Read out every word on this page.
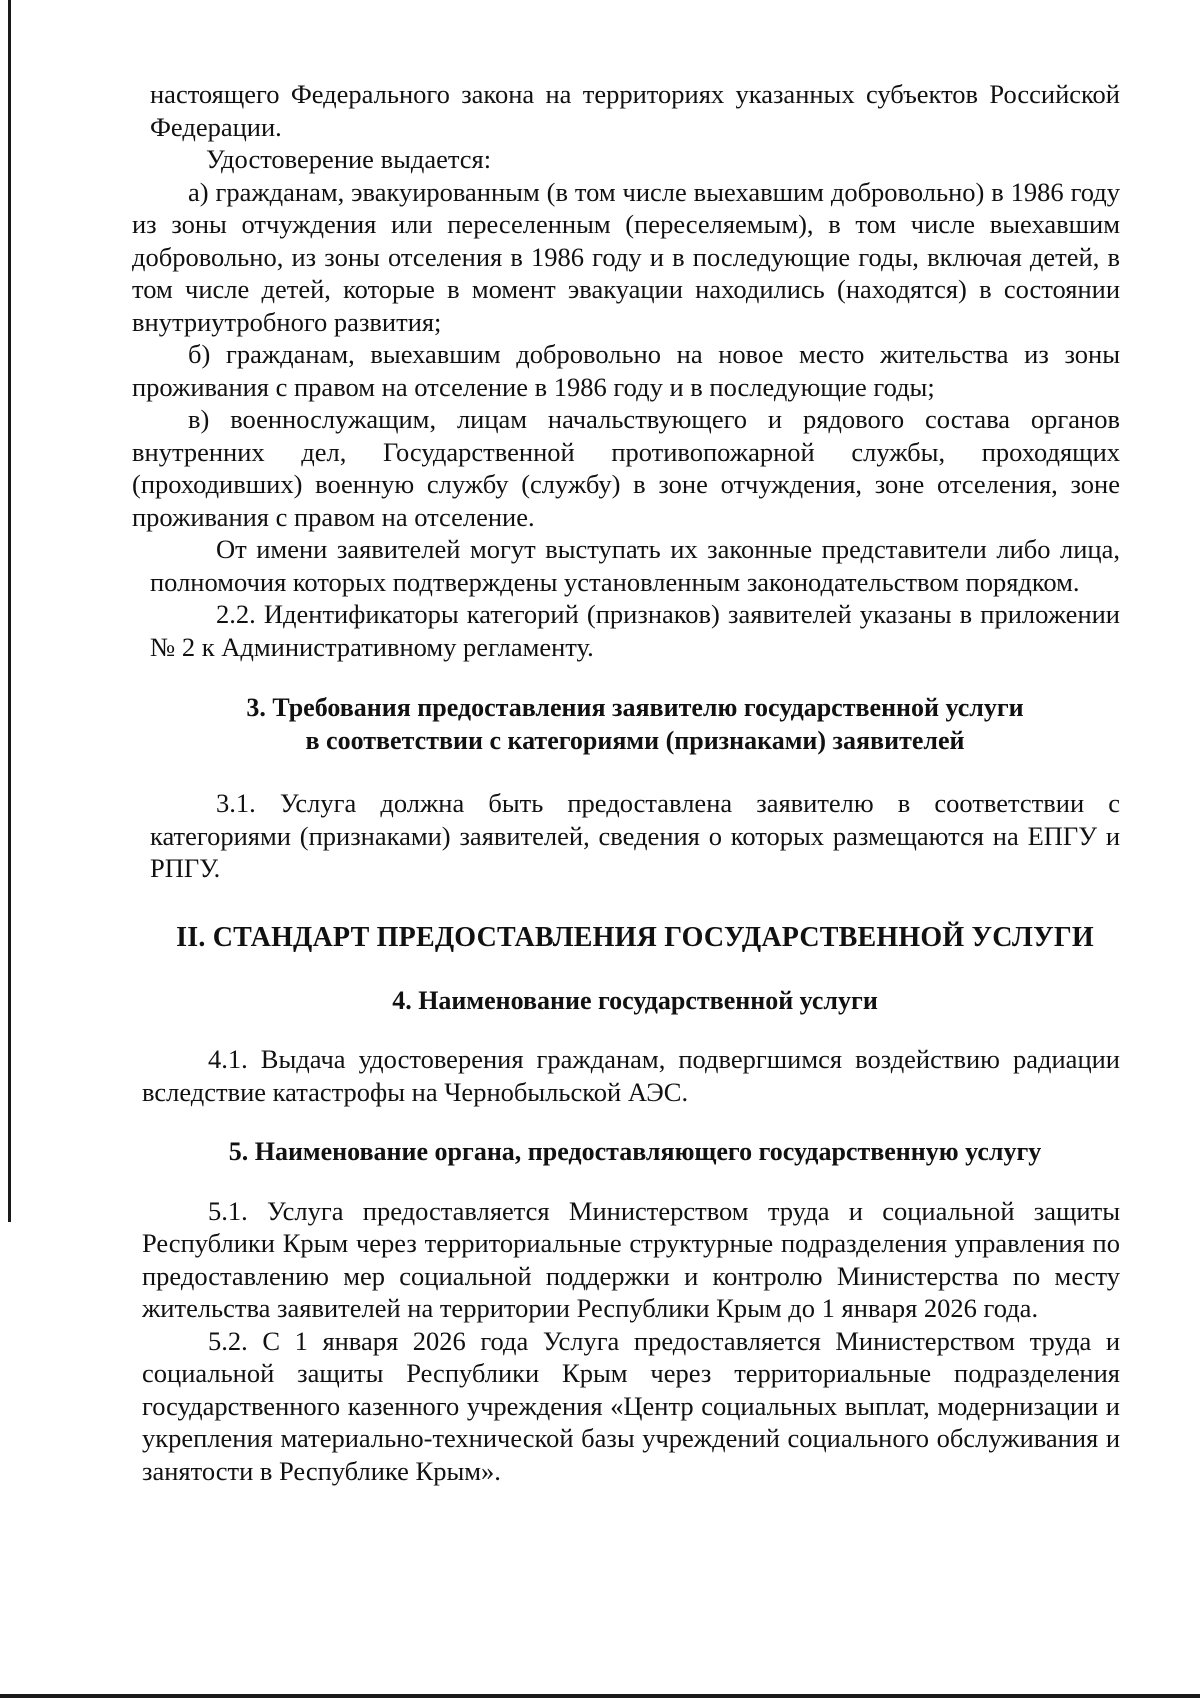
настоящего Федерального закона на территориях указанных субъектов Российской Федерации.

Удостоверение выдается:

а) гражданам, эвакуированным (в том числе выехавшим добровольно) в 1986 году из зоны отчуждения или переселенным (переселяемым), в том числе выехавшим добровольно, из зоны отселения в 1986 году и в последующие годы, включая детей, в том числе детей, которые в момент эвакуации находились (находятся) в состоянии внутриутробного развития;

б) гражданам, выехавшим добровольно на новое место жительства из зоны проживания с правом на отселение в 1986 году и в последующие годы;

в) военнослужащим, лицам начальствующего и рядового состава органов внутренних дел, Государственной противопожарной службы, проходящих (проходивших) военную службу (службу) в зоне отчуждения, зоне отселения, зоне проживания с правом на отселение.

От имени заявителей могут выступать их законные представители либо лица, полномочия которых подтверждены установленным законодательством порядком.

2.2. Идентификаторы категорий (признаков) заявителей указаны в приложении № 2 к Административному регламенту.

3. Требования предоставления заявителю государственной услуги
в соответствии с категориями (признаками) заявителей

3.1. Услуга должна быть предоставлена заявителю в соответствии с категориями (признаками) заявителей, сведения о которых размещаются на ЕПГУ и РПГУ.

II. СТАНДАРТ ПРЕДОСТАВЛЕНИЯ ГОСУДАРСТВЕННОЙ УСЛУГИ
4. Наименование государственной услуги

4.1. Выдача удостоверения гражданам, подвергшимся воздействию радиации вследствие катастрофы на Чернобыльской АЭС.

5. Наименование органа, предоставляющего государственную услугу

5.1. Услуга предоставляется Министерством труда и социальной защиты Республики Крым через территориальные структурные подразделения управления по предоставлению мер социальной поддержки и контролю Министерства по месту жительства заявителей на территории Республики Крым до 1 января 2026 года.

5.2. С 1 января 2026 года Услуга предоставляется Министерством труда и социальной защиты Республики Крым через территориальные подразделения государственного казенного учреждения «Центр социальных выплат, модернизации и укрепления материально-технической базы учреждений социального обслуживания и занятости в Республике Крым».
